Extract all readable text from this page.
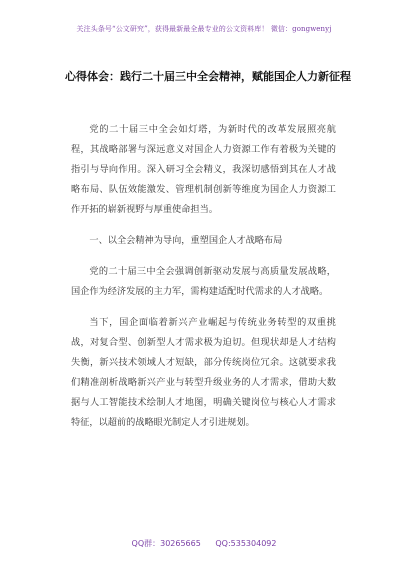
关注头条号“公文研究”，获得最新最全最专业的公文资料库！ 微信：gongwenyj
心得体会：践行二十届三中全会精神，赋能国企人力新征程

党的二十届三中全会如灯塔，为新时代的改革发展照亮航程，其战略部署与深远意义对国企人力资源工作有着极为关键的指引与导向作用。深入研习全会精义，我深切感悟到其在人才战略布局、队伍效能激发、管理机制创新等维度为国企人力资源工作开拓的崭新视野与厚重使命担当。

一、以全会精神为导向，重塑国企人才战略布局

党的二十届三中全会强调创新驱动发展与高质量发展战略，国企作为经济发展的主力军，需构建适配时代需求的人才战略。

当下，国企面临着新兴产业崛起与传统业务转型的双重挑战，对复合型、创新型人才需求极为迫切。但现状却是人才结构失衡，新兴技术领域人才短缺，部分传统岗位冗余。这就要求我们精准剖析战略新兴产业与转型升级业务的人才需求，借助大数据与人工智能技术绘制人才地图，明确关键岗位与核心人才需求特征，以超前的战略眼光制定人才引进规划。

QQ群：30265665 QQ:535304092
